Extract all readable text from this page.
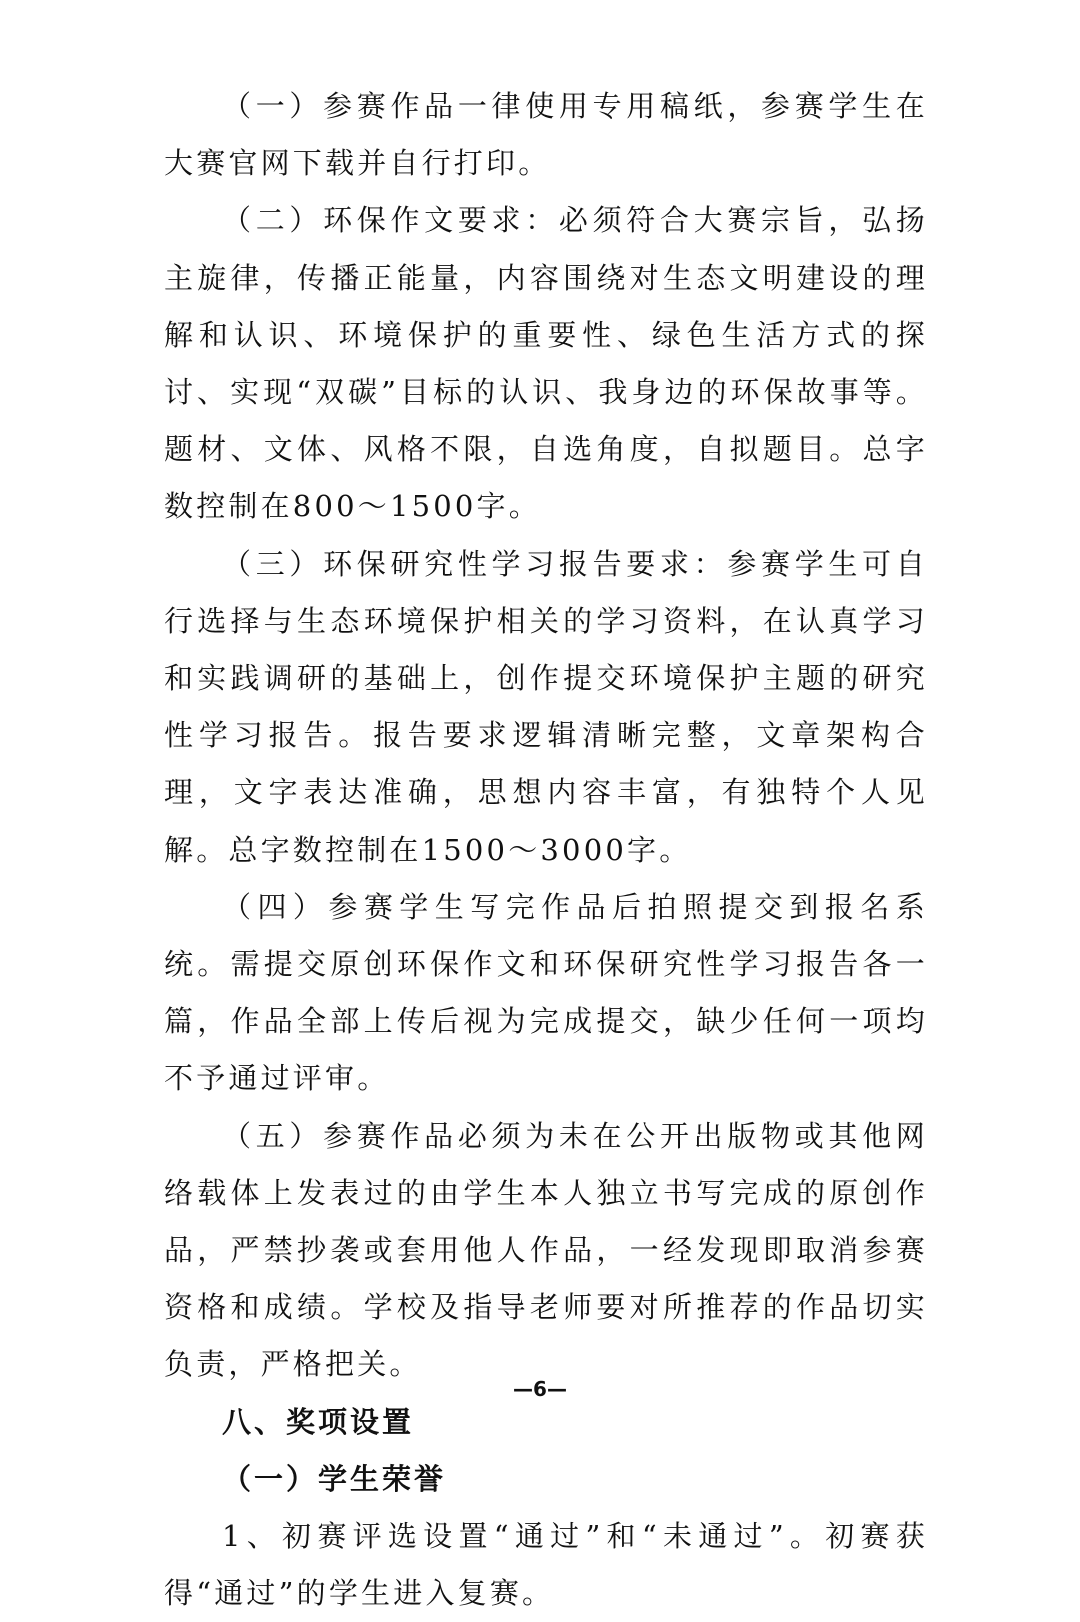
（一）参赛作品一律使用专用稿纸，参赛学生在大赛官网下载并自行打印。

（二）环保作文要求：必须符合大赛宗旨，弘扬主旋律，传播正能量，内容围绕对生态文明建设的理解和认识、环境保护的重要性、绿色生活方式的探讨、实现“双碳”目标的认识、我身边的环保故事等。题材、文体、风格不限，自选角度，自拟题目。总字数控制在800～1500字。

（三）环保研究性学习报告要求：参赛学生可自行选择与生态环境保护相关的学习资料，在认真学习和实践调研的基础上，创作提交环境保护主题的研究性学习报告。报告要求逻辑清晰完整，文章架构合理，文字表达准确，思想内容丰富，有独特个人见解。总字数控制在1500～3000字。

（四）参赛学生写完作品后拍照提交到报名系统。需提交原创环保作文和环保研究性学习报告各一篇，作品全部上传后视为完成提交，缺少任何一项均不予通过评审。

（五）参赛作品必须为未在公开出版物或其他网络载体上发表过的由学生本人独立书写完成的原创作品，严禁抄袭或套用他人作品，一经发现即取消参赛资格和成绩。学校及指导老师要对所推荐的作品切实负责，严格把关。

八、奖项设置

（一）学生荣誉

1、初赛评选设置“通过”和“未通过”。初赛获得“通过”的学生进入复赛。

—6—
